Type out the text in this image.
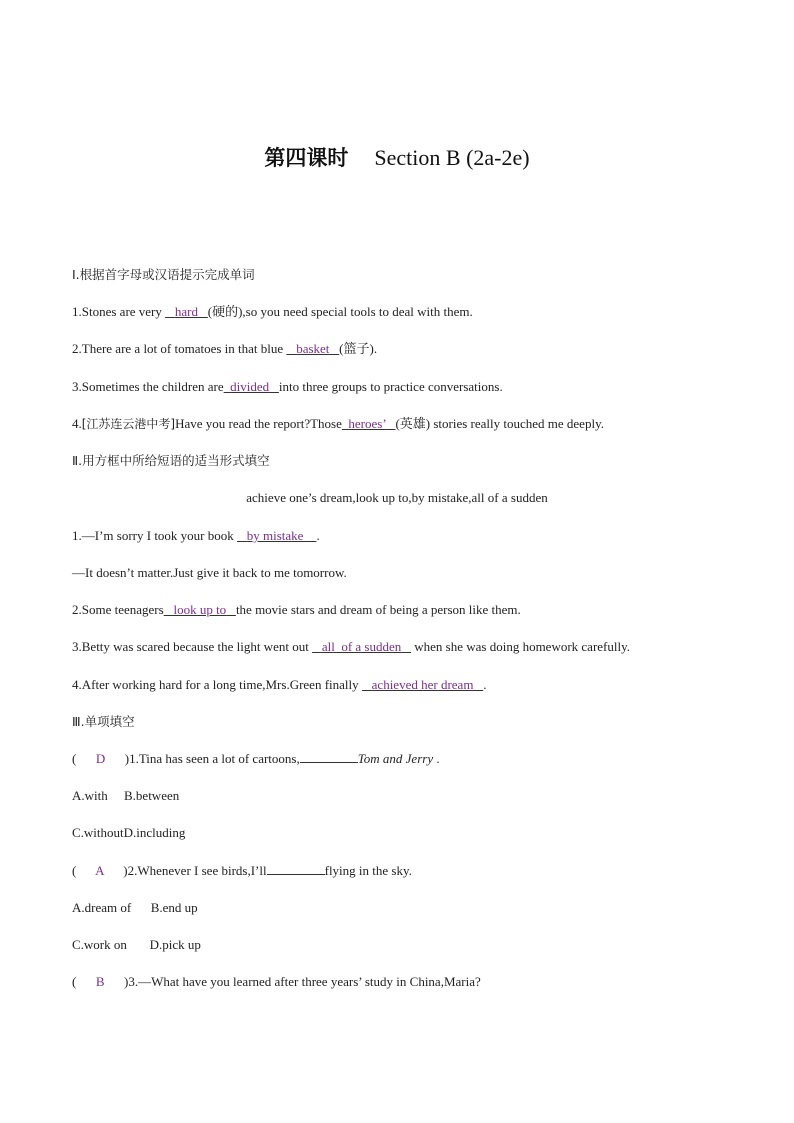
第四课时 Section B (2a-2e)
Ⅰ.根据首字母或汉语提示完成单词
1.Stones are very    hard (硬的),so you need special tools to deal with them.
2.There are a lot of tomatoes in that blue    basket (篮子).
3.Sometimes the children are divided into three groups to practice conversations.
4.[江苏连云港中考]Have you read the report?Those heroes’ (英雄) stories really touched me deeply.
Ⅱ.用方框中所给短语的适当形式填空
achieve one’s dream,look up to,by mistake,all of a sudden
1.—I’m sorry I took your book    by mistake .
—It doesn’t matter.Just give it back to me tomorrow.
2.Some teenagers look up to the movie stars and dream of being a person like them.
3.Betty was scared because the light went out    all  of a sudden    when she was doing homework carefully.
4.After working hard for a long time,Mrs.Green finally    achieved her dream .
Ⅲ.单项填空
(      D )1.Tina has seen a lot of cartoons,	Tom and Jerry .
A.with     B.between
C.withoutD.including
(      A )2.Whenever I see birds,I’ll	flying in the sky.
A.dream of      B.end up
C.work on       D.pick up
(      B )3.—What have you learned after three years’ study in China,Maria?
